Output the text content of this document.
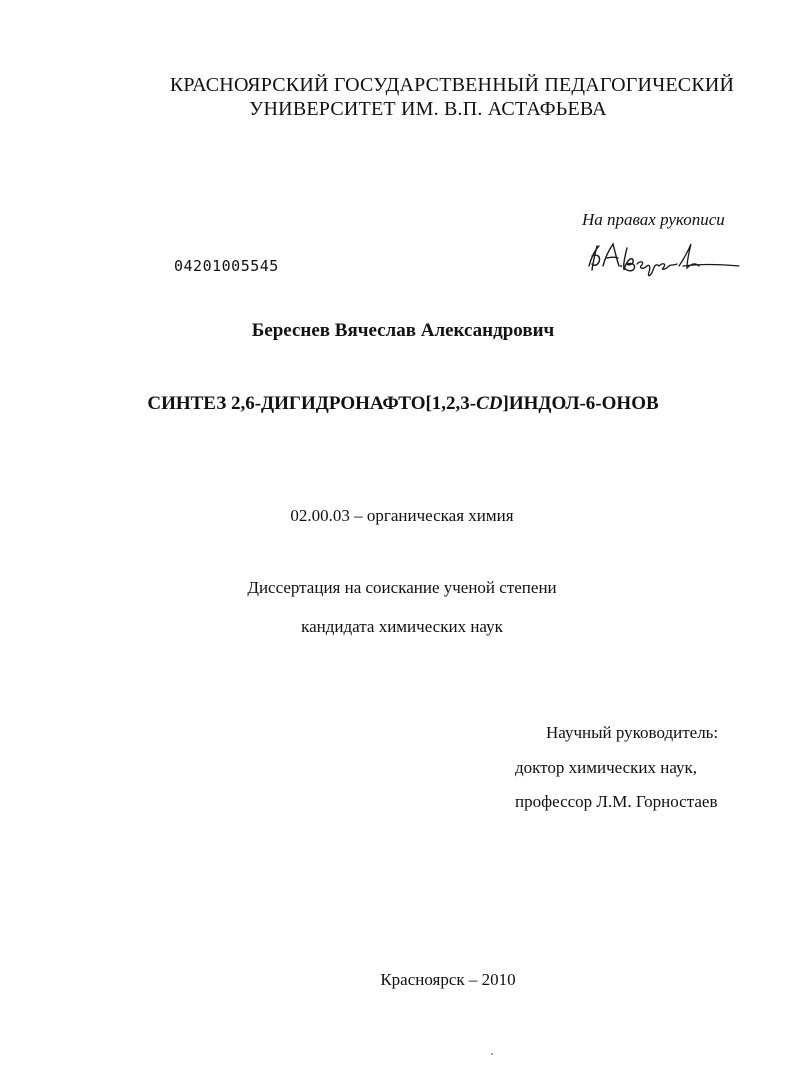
КРАСНОЯРСКИЙ ГОСУДАРСТВЕННЫЙ ПЕДАГОГИЧЕСКИЙ
УНИВЕРСИТЕТ ИМ. В.П. АСТАФЬЕВА
На правах рукописи
04201005545
Береснев Вячеслав Александрович
СИНТЕЗ 2,6-ДИГИДРОНАФТО[1,2,3-CD]ИНДОЛ-6-ОНОВ
02.00.03 – органическая химия
Диссертация на соискание ученой степени
кандидата химических наук
Научный руководитель:
доктор химических наук,
профессор Л.М. Горностаев
Красноярск – 2010
